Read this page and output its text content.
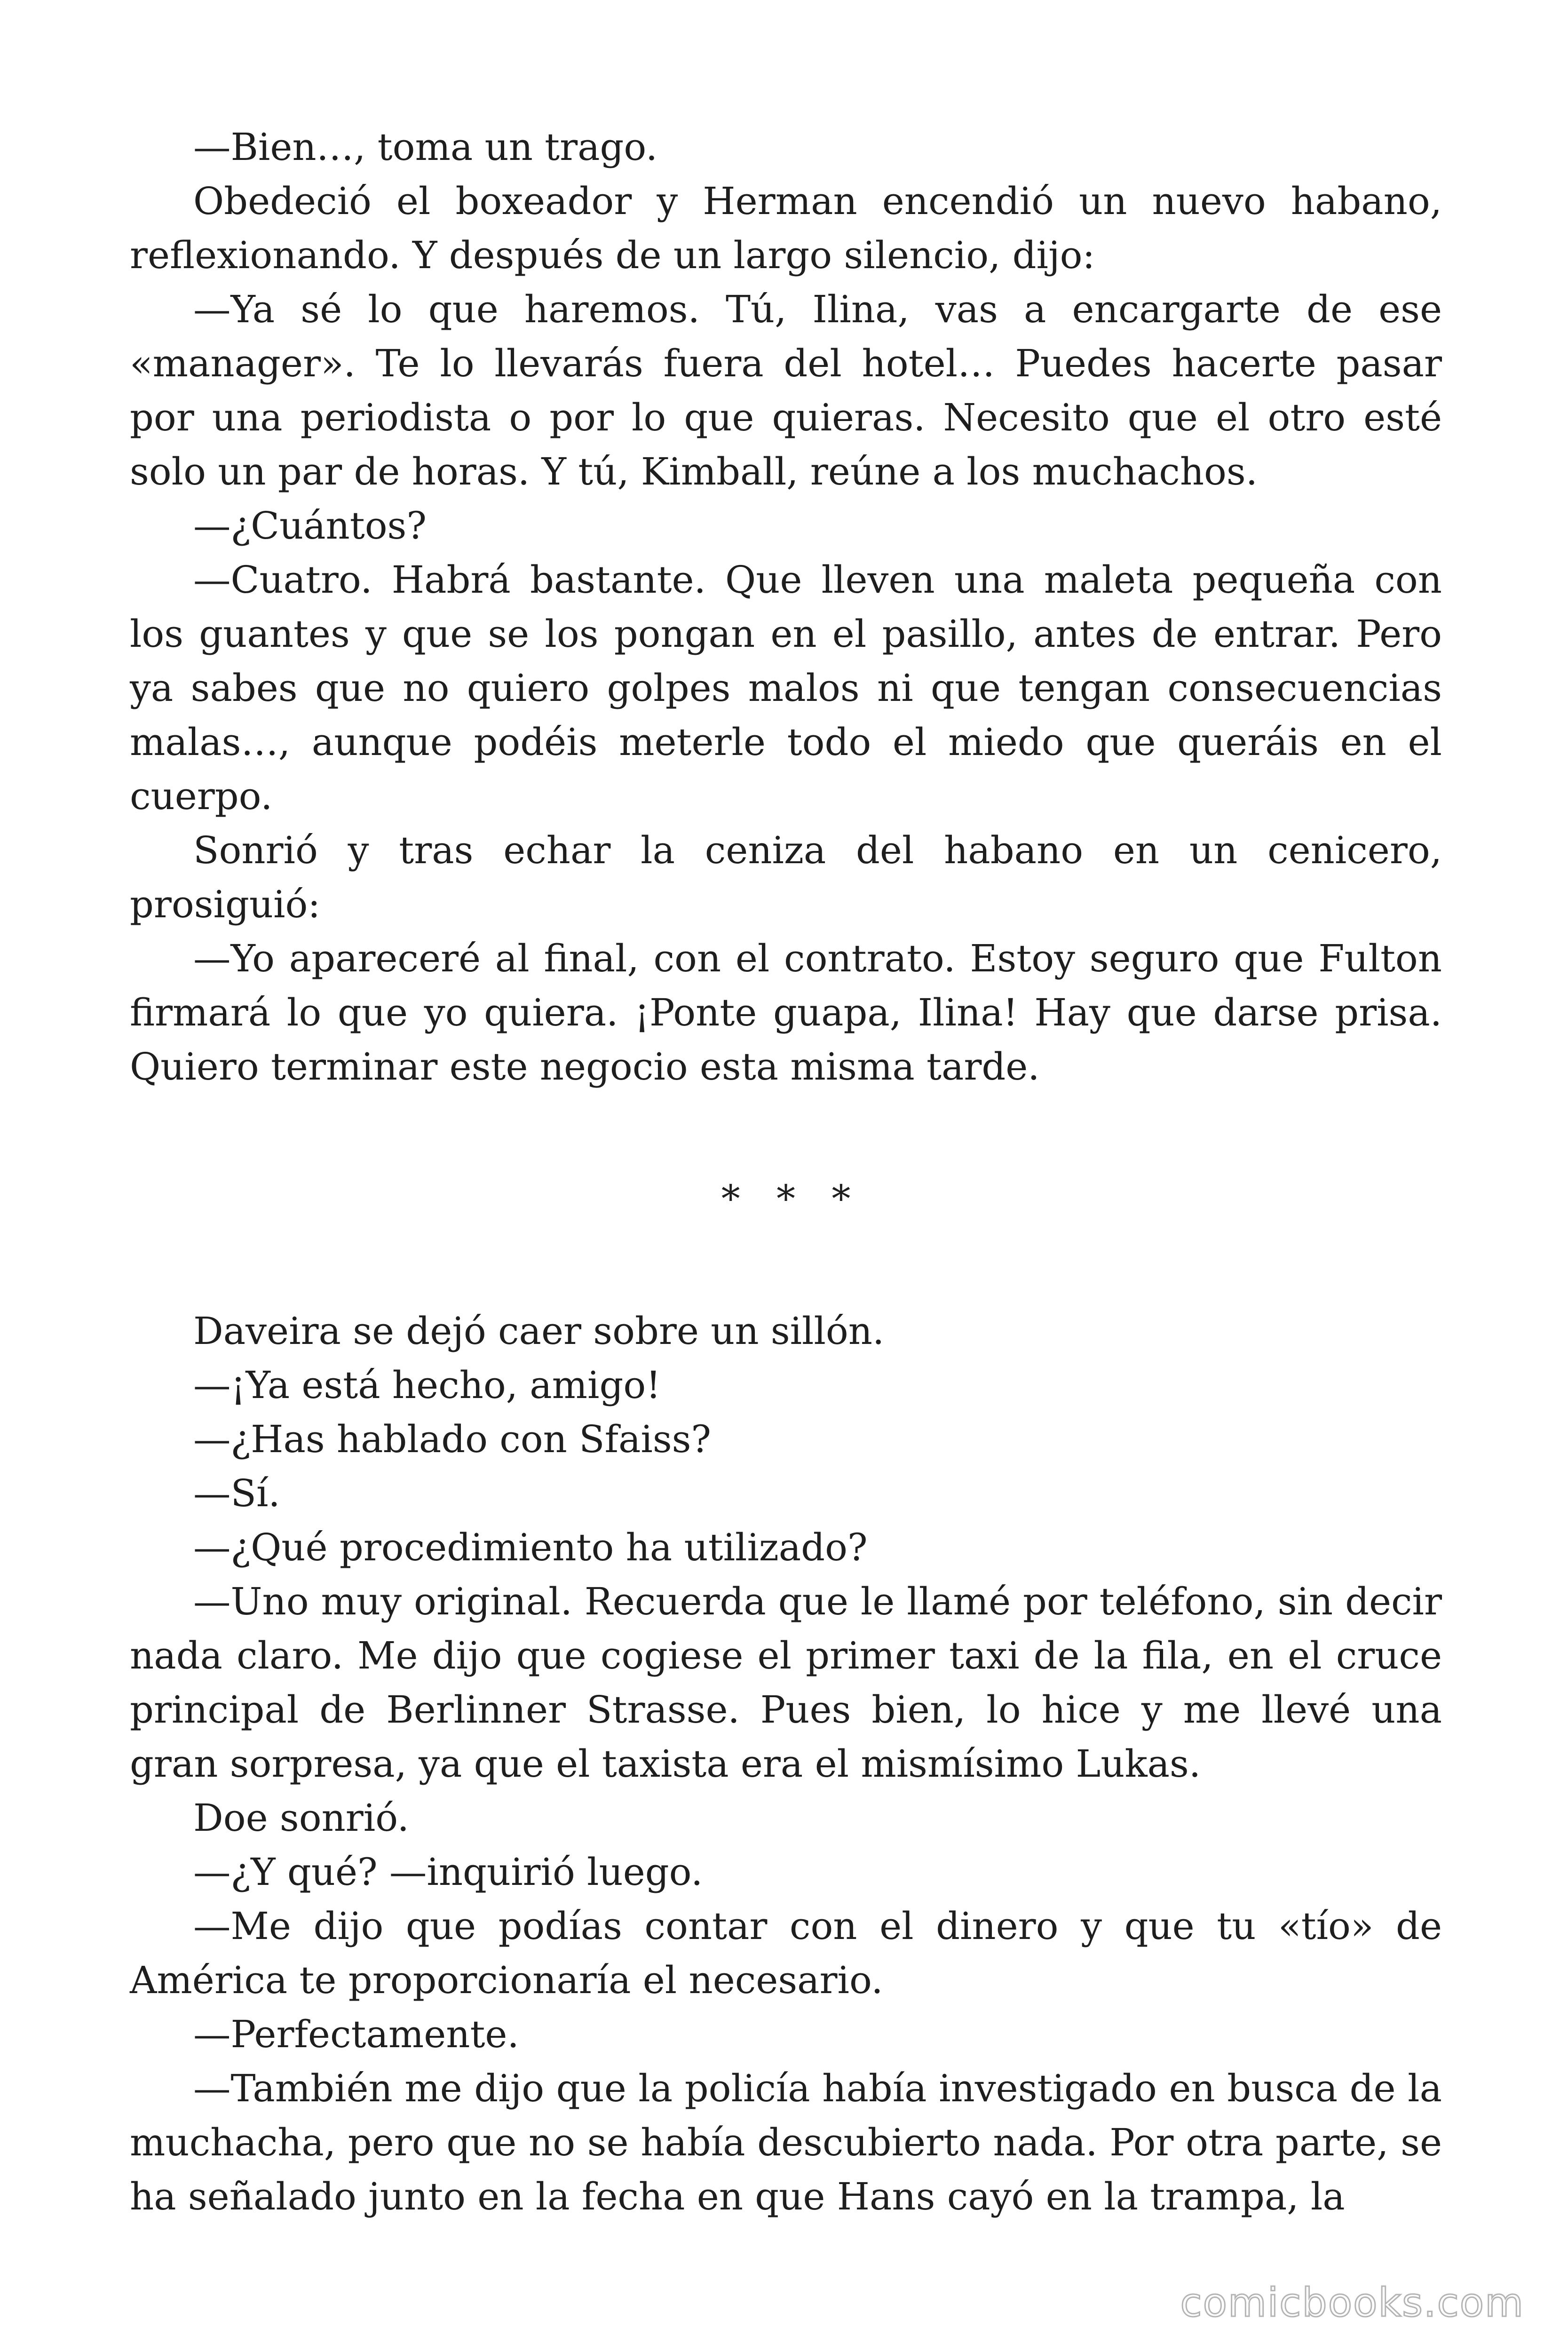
—Bien…, toma un trago.

Obedeció el boxeador y Herman encendió un nuevo habano, reflexionando. Y después de un largo silencio, dijo:

—Ya sé lo que haremos. Tú, Ilina, vas a encargarte de ese «manager». Te lo llevarás fuera del hotel… Puedes hacerte pasar por una periodista o por lo que quieras. Necesito que el otro esté solo un par de horas. Y tú, Kimball, reúne a los muchachos.

—¿Cuántos?

—Cuatro. Habrá bastante. Que lleven una maleta pequeña con los guantes y que se los pongan en el pasillo, antes de entrar. Pero ya sabes que no quiero golpes malos ni que tengan consecuencias malas…, aunque podéis meterle todo el miedo que queráis en el cuerpo.

Sonrió y tras echar la ceniza del habano en un cenicero, prosiguió:

—Yo apareceré al final, con el contrato. Estoy seguro que Fulton firmará lo que yo quiera. ¡Ponte guapa, Ilina! Hay que darse prisa. Quiero terminar este negocio esta misma tarde.

* * *

Daveira se dejó caer sobre un sillón.

—¡Ya está hecho, amigo!

—¿Has hablado con Sfaiss?

—Sí.

—¿Qué procedimiento ha utilizado?

—Uno muy original. Recuerda que le llamé por teléfono, sin decir nada claro. Me dijo que cogiese el primer taxi de la fila, en el cruce principal de Berlinner Strasse. Pues bien, lo hice y me llevé una gran sorpresa, ya que el taxista era el mismísimo Lukas.

Doe sonrió.

—¿Y qué? —inquirió luego.

—Me dijo que podías contar con el dinero y que tu «tío» de América te proporcionaría el necesario.

—Perfectamente.

—También me dijo que la policía había investigado en busca de la muchacha, pero que no se había descubierto nada. Por otra parte, se ha señalado junto en la fecha en que Hans cayó en la trampa, la

comicbooks.com
